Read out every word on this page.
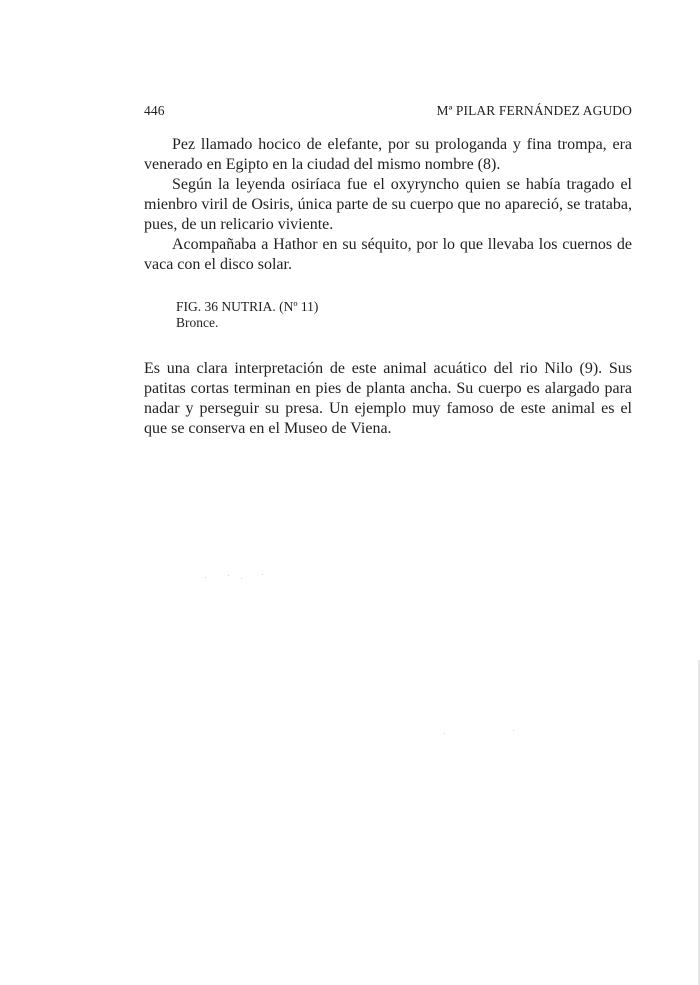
446	Mª PILAR FERNÁNDEZ AGUDO

Pez llamado hocico de elefante, por su prologanda y fina trompa, era venerado en Egipto en la ciudad del mismo nombre (8).

Según la leyenda osiríaca fue el oxyryncho quien se había tragado el mienbro viril de Osiris, única parte de su cuerpo que no apareció, se trataba, pues, de un relicario viviente.

Acompañaba a Hathor en su séquito, por lo que llevaba los cuernos de vaca con el disco solar.

FIG. 36 NUTRIA. (Nº 11)
Bronce.

Es una clara interpretación de este animal acuático del rio Nilo (9). Sus patitas cortas terminan en pies de planta ancha. Su cuerpo es alargado para nadar y perseguir su presa. Un ejemplo muy famoso de este animal es el que se conserva en el Museo de Viena.
